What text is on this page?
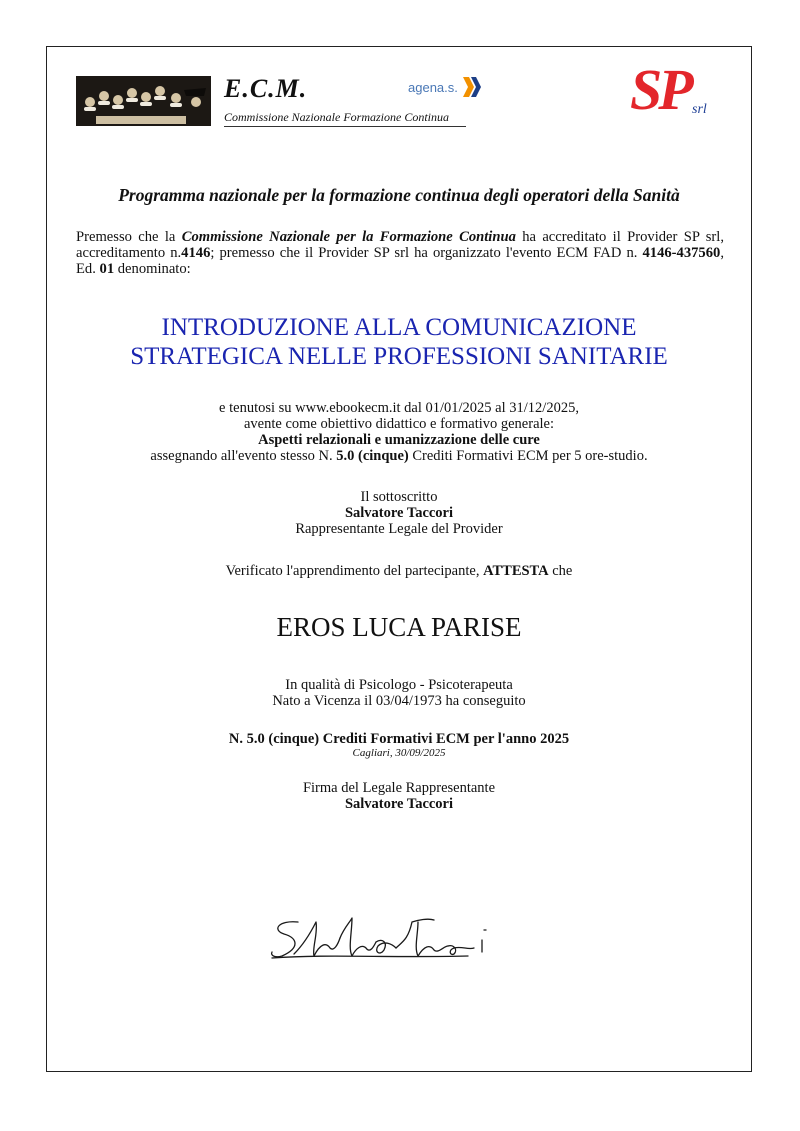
E.C.M.
Commissione Nazionale Formazione Continua
agena.s.	SP srl
Programma nazionale per la formazione continua degli operatori della Sanità
Premesso che la Commissione Nazionale per la Formazione Continua ha accreditato il Provider SP srl, accreditamento n.4146; premesso che il Provider SP srl ha organizzato l'evento ECM FAD n. 4146-437560, Ed. 01 denominato:
INTRODUZIONE ALLA COMUNICAZIONE
STRATEGICA NELLE PROFESSIONI SANITARIE
e tenutosi su www.ebookecm.it dal 01/01/2025 al 31/12/2025,
avente come obiettivo didattico e formativo generale:
Aspetti relazionali e umanizzazione delle cure
assegnando all'evento stesso N. 5.0 (cinque) Crediti Formativi ECM per 5 ore-studio.
Il sottoscritto
Salvatore Taccori
Rappresentante Legale del Provider
Verificato l'apprendimento del partecipante, ATTESTA che
EROS LUCA PARISE
In qualità di Psicologo - Psicoterapeuta
Nato a Vicenza il 03/04/1973 ha conseguito
N. 5.0 (cinque) Crediti Formativi ECM per l'anno 2025
Cagliari, 30/09/2025
Firma del Legale Rappresentante
Salvatore Taccori
